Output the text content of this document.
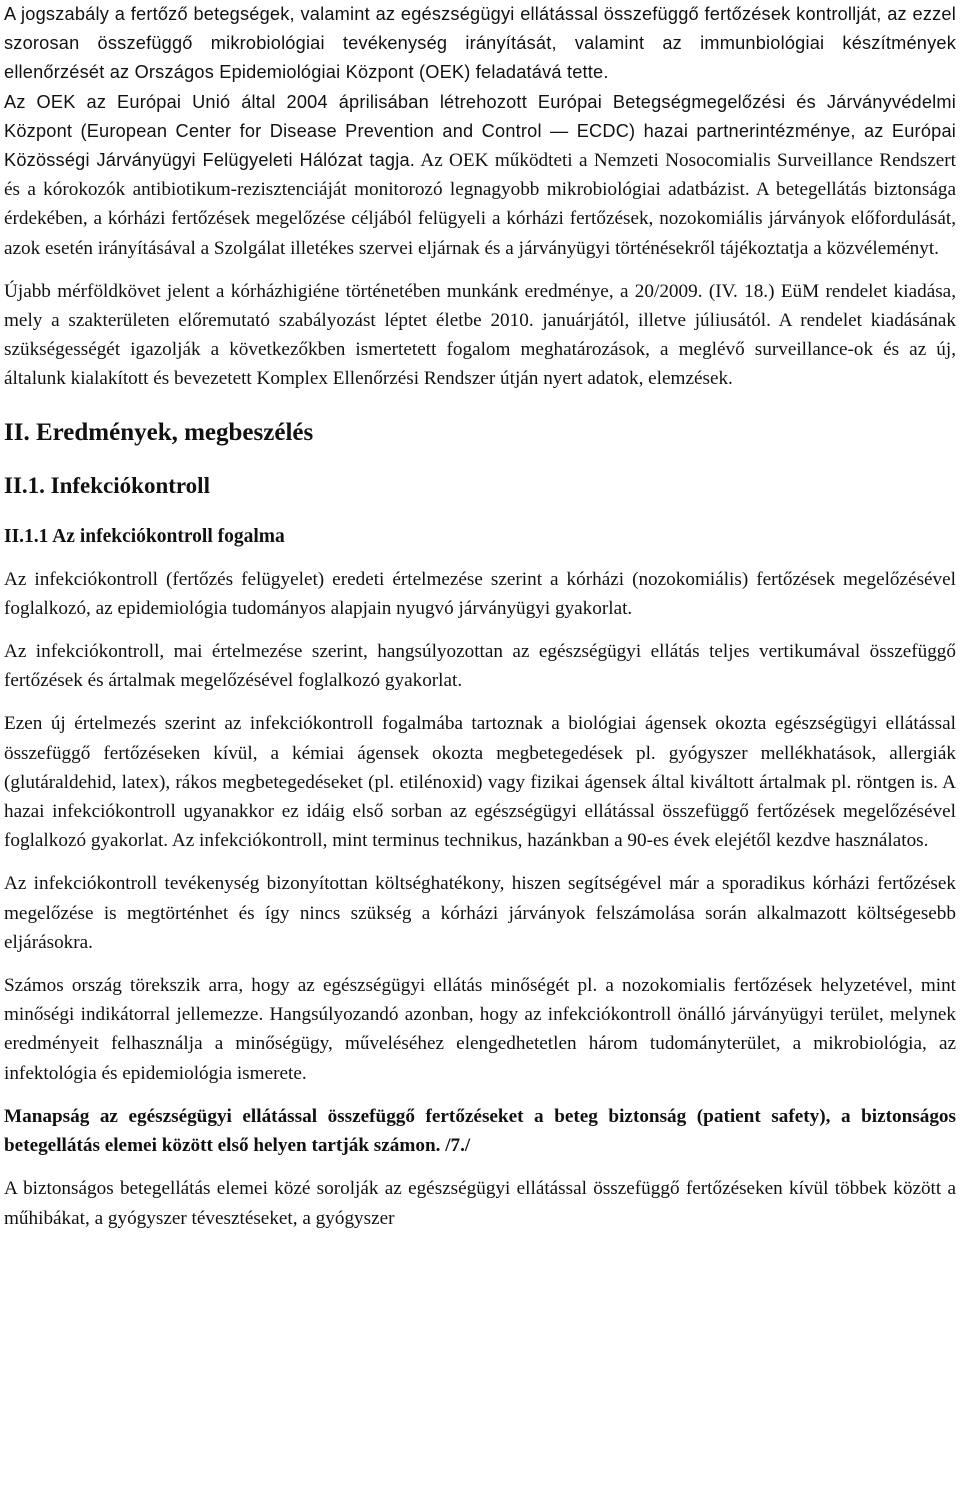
A jogszabály a fertőző betegségek, valamint az egészségügyi ellátással összefüggő fertőzések kontrollját, az ezzel szorosan összefüggő mikrobiológiai tevékenység irányítását, valamint az immunbiológiai készítmények ellenőrzését az Országos Epidemiológiai Központ (OEK) feladatává tette.

Az OEK az Európai Unió által 2004 áprilisában létrehozott Európai Betegségmegelőzési és Járványvédelmi Központ (European Center for Disease Prevention and Control — ECDC) hazai partnerintézménye, az Európai Közösségi Járványügyi Felügyeleti Hálózat tagja. Az OEK működteti a Nemzeti Nosocomialis Surveillance Rendszert és a kórokozók antibiotikum-rezisztenciáját monitorozó legnagyobb mikrobiológiai adatbázist. A betegellátás biztonsága érdekében, a kórházi fertőzések megelőzése céljából felügyeli a kórházi fertőzések, nozokomiális járványok előfordulását, azok esetén irányításával a Szolgálat illetékes szervei eljárnak és a járványügyi történésekről tájékoztatja a közvéleményt.

Újabb mérföldkövet jelent a kórházhigiéne történetében munkánk eredménye, a 20/2009. (IV. 18.) EüM rendelet kiadása, mely a szakterületen előremutató szabályozást léptet életbe 2010. januárjától, illetve júliusától. A rendelet kiadásának szükségességét igazolják a következőkben ismertetett fogalom meghatározások, a meglévő surveillance-ok és az új, általunk kialakított és bevezetett Komplex Ellenőrzési Rendszer útján nyert adatok, elemzések.

II. Eredmények, megbeszélés
II.1. Infekciókontroll
II.1.1 Az infekciókontroll fogalma

Az infekciókontroll (fertőzés felügyelet) eredeti értelmezése szerint a kórházi (nozokomiális) fertőzések megelőzésével foglalkozó, az epidemiológia tudományos alapjain nyugvó járványügyi gyakorlat.

Az infekciókontroll, mai értelmezése szerint, hangsúlyozottan az egészségügyi ellátás teljes vertikumával összefüggő fertőzések és ártalmak megelőzésével foglalkozó gyakorlat.

Ezen új értelmezés szerint az infekciókontroll fogalmába tartoznak a biológiai ágensek okozta egészségügyi ellátással összefüggő fertőzéseken kívül, a kémiai ágensek okozta megbetegedések pl. gyógyszer mellékhatások, allergiák (glutáraldehid, latex), rákos megbetegedéseket (pl. etilénoxid) vagy fizikai ágensek által kiváltott ártalmak pl. röntgen is. A hazai infekciókontroll ugyanakkor ez idáig első sorban az egészségügyi ellátással összefüggő fertőzések megelőzésével foglalkozó gyakorlat. Az infekciókontroll, mint terminus technikus, hazánkban a 90-es évek elejétől kezdve használatos.

Az infekciókontroll tevékenység bizonyítottan költséghatékony, hiszen segítségével már a sporadikus kórházi fertőzések megelőzése is megtörténhet és így nincs szükség a kórházi járványok felszámolása során alkalmazott költségesebb eljárásokra.

Számos ország törekszik arra, hogy az egészségügyi ellátás minőségét pl. a nozokomialis fertőzések helyzetével, mint minőségi indikátorral jellemezze. Hangsúlyozandó azonban, hogy az infekciókontroll önálló járványügyi terület, melynek eredményeit felhasználja a minőségügy, műveléséhez elengedhetetlen három tudományterület, a mikrobiológia, az infektológia és epidemiológia ismerete.

Manapság az egészségügyi ellátással összefüggő fertőzéseket a beteg biztonság (patient safety), a biztonságos betegellátás elemei között első helyen tartják számon. /7./

A biztonságos betegellátás elemei közé sorolják az egészségügyi ellátással összefüggő fertőzéseken kívül többek között a műhibákat, a gyógyszer tévesztéseket, a gyógyszer
